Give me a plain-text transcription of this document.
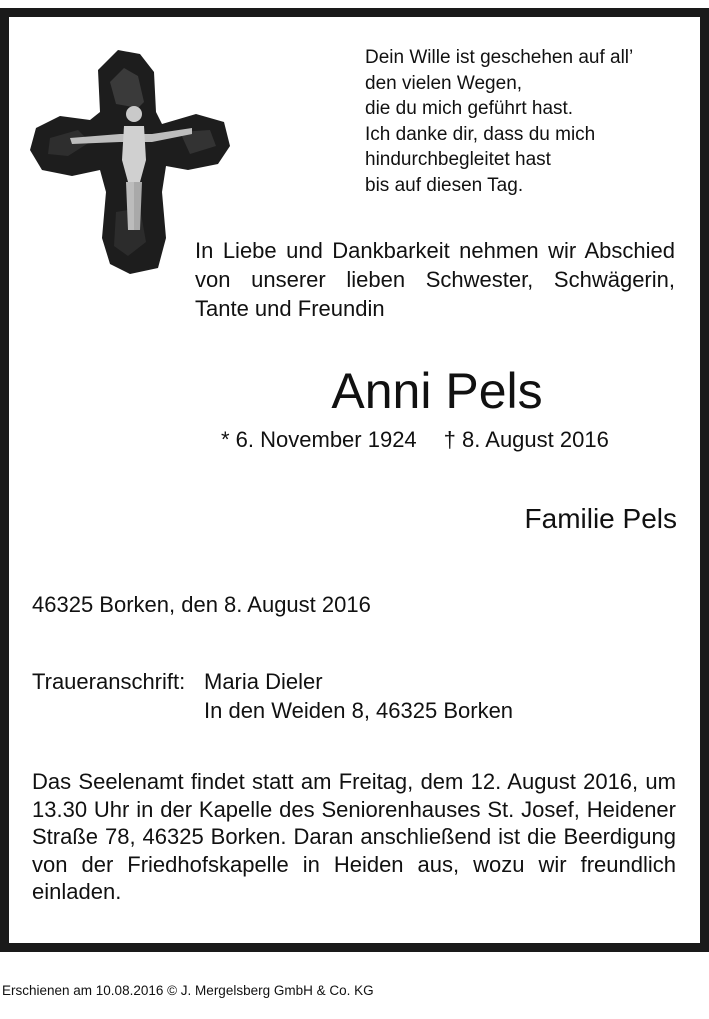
Dein Wille ist geschehen auf all’
den vielen Wegen,
die du mich geführt hast.
Ich danke dir, dass du mich
hindurchbegleitet hast
bis auf diesen Tag.

In Liebe und Dankbarkeit nehmen wir Abschied von unserer lieben Schwester, Schwägerin, Tante und Freundin

Anni Pels
* 6. November 1924 † 8. August 2016
Familie Pels
46325 Borken, den 8. August 2016
Traueranschrift: Maria Dieler
In den Weiden 8, 46325 Borken

Das Seelenamt findet statt am Freitag, dem 12. August 2016, um 13.30 Uhr in der Kapelle des Seniorenhauses St. Josef, Heidener Straße 78, 46325 Borken. Daran anschließend ist die Beerdigung von der Friedhofskapelle in Heiden aus, wozu wir freundlich einladen.

Erschienen am 10.08.2016 © J. Mergelsberg GmbH & Co. KG
